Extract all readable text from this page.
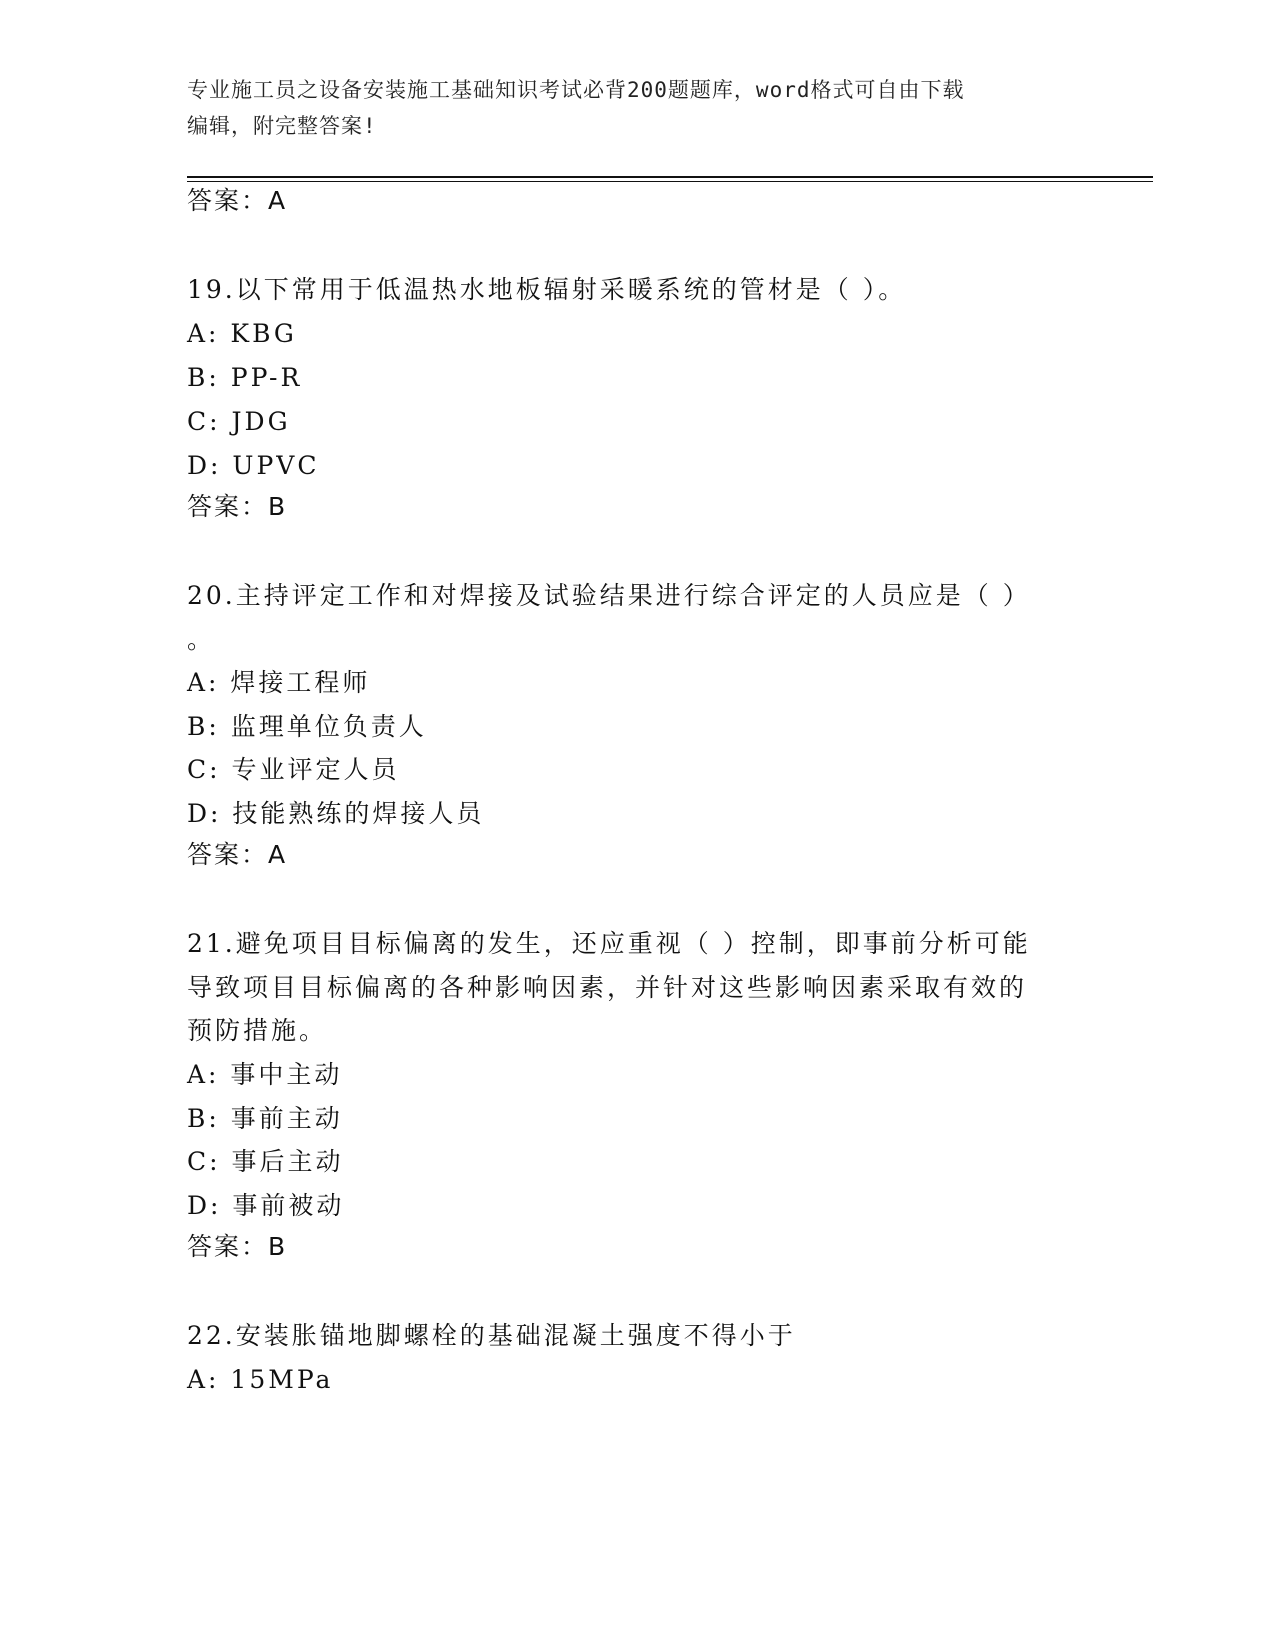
专业施工员之设备安装施工基础知识考试必背200题题库，word格式可自由下载
编辑，附完整答案!
答案：A
19.以下常用于低温热水地板辐射采暖系统的管材是（ ）。
A: KBG
B: PP-R
C: JDG
D: UPVC
答案：B
20.主持评定工作和对焊接及试验结果进行综合评定的人员应是（ ）
。
A: 焊接工程师
B: 监理单位负责人
C: 专业评定人员
D: 技能熟练的焊接人员
答案：A
21.避免项目目标偏离的发生，还应重视（ ）控制，即事前分析可能
导致项目目标偏离的各种影响因素，并针对这些影响因素采取有效的
预防措施。
A: 事中主动
B: 事前主动
C: 事后主动
D: 事前被动
答案：B
22.安装胀锚地脚螺栓的基础混凝土强度不得小于
A: 15MPa
